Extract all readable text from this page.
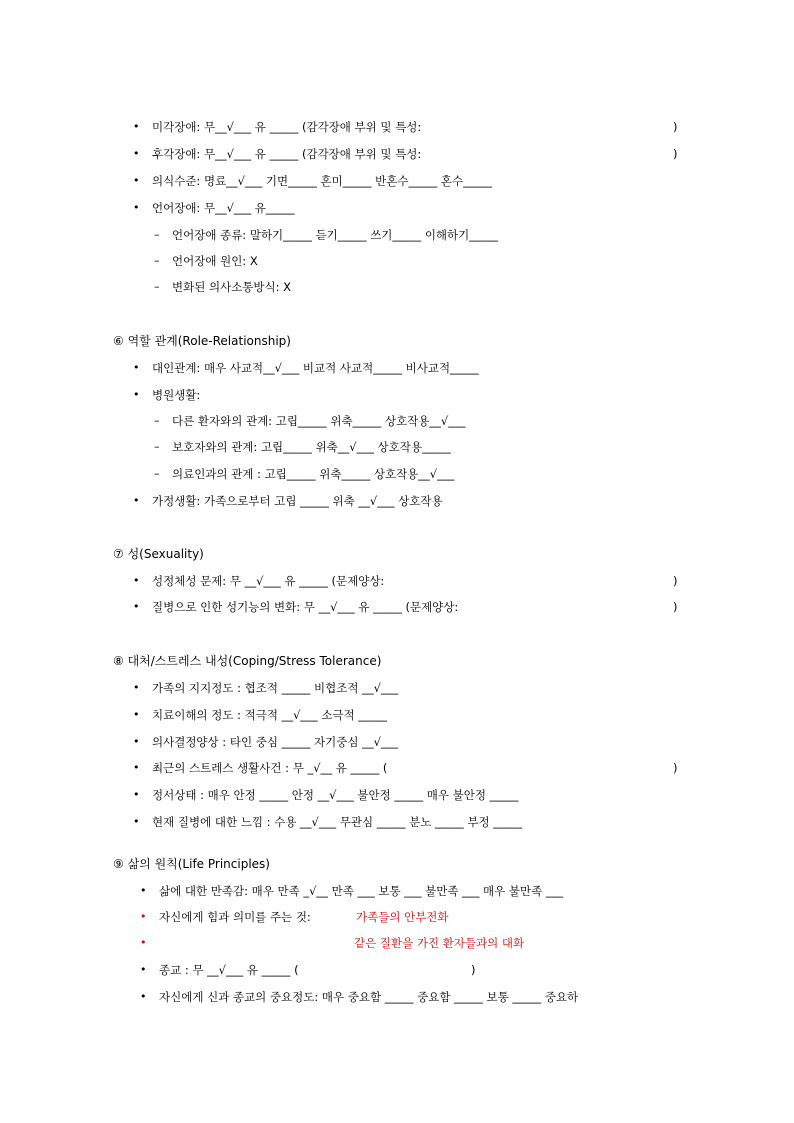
• 미각장애: 무__√___ 유 _____ (감각장애 부위 및 특성:	)
• 후각장애: 무__√___ 유 _____ (감각장애 부위 및 특성:	)
• 의식수준: 명료__√___ 기면_____ 혼미_____ 반혼수_____ 혼수_____
• 언어장애: 무__√___ 유_____
– 언어장애 종류: 말하기_____ 듣기_____ 쓰기_____ 이해하기_____
– 언어장애 원인: X
– 변화된 의사소통방식: X
⑥ 역할 관계(Role-Relationship)
• 대인관계: 매우 사교적__√___ 비교적 사교적_____ 비사교적_____
• 병원생활:
– 다른 환자와의 관계: 고립_____ 위축_____ 상호작용__√___
– 보호자와의 관계: 고립_____ 위축__√___ 상호작용_____
– 의료인과의 관계 : 고립_____ 위축_____ 상호작용__√___
• 가정생활: 가족으로부터 고립 _____ 위축 __√___ 상호작용
⑦ 성(Sexuality)
• 성정체성 문제: 무 __√___ 유 _____ (문제양상:	)
• 질병으로 인한 성기능의 변화: 무 __√___ 유 _____ (문제양상:	)
⑧ 대처/스트레스 내성(Coping/Stress Tolerance)
• 가족의 지지정도 : 협조적 _____ 비협조적 __√___
• 치료이해의 정도 : 적극적 __√___ 소극적 _____
• 의사결정양상 : 타인 중심 _____ 자기중심 __√___
• 최근의 스트레스 생활사건 : 무 _√__ 유 _____ (	)
• 정서상태 : 매우 안정 _____ 안정 __√___ 불안정 _____ 매우 불안정 _____
• 현재 질병에 대한 느낌 : 수용 __√___ 무관심 _____ 분노 _____ 부정 _____
⑨ 삶의 원칙(Life Principles)
• 삶에 대한 만족감: 매우 만족 _√__ 만족 ___ 보통 ___ 불만족 ___ 매우 불만족 ___
• 자신에게 힘과 의미를 주는 것:	가족들의 안부전화
•	같은 질환을 가진 환자들과의 대화
• 종교 : 무 __√___ 유 _____ (	)
• 자신에게 신과 종교의 중요정도: 매우 중요함 _____ 중요함 _____ 보통 _____ 중요하
